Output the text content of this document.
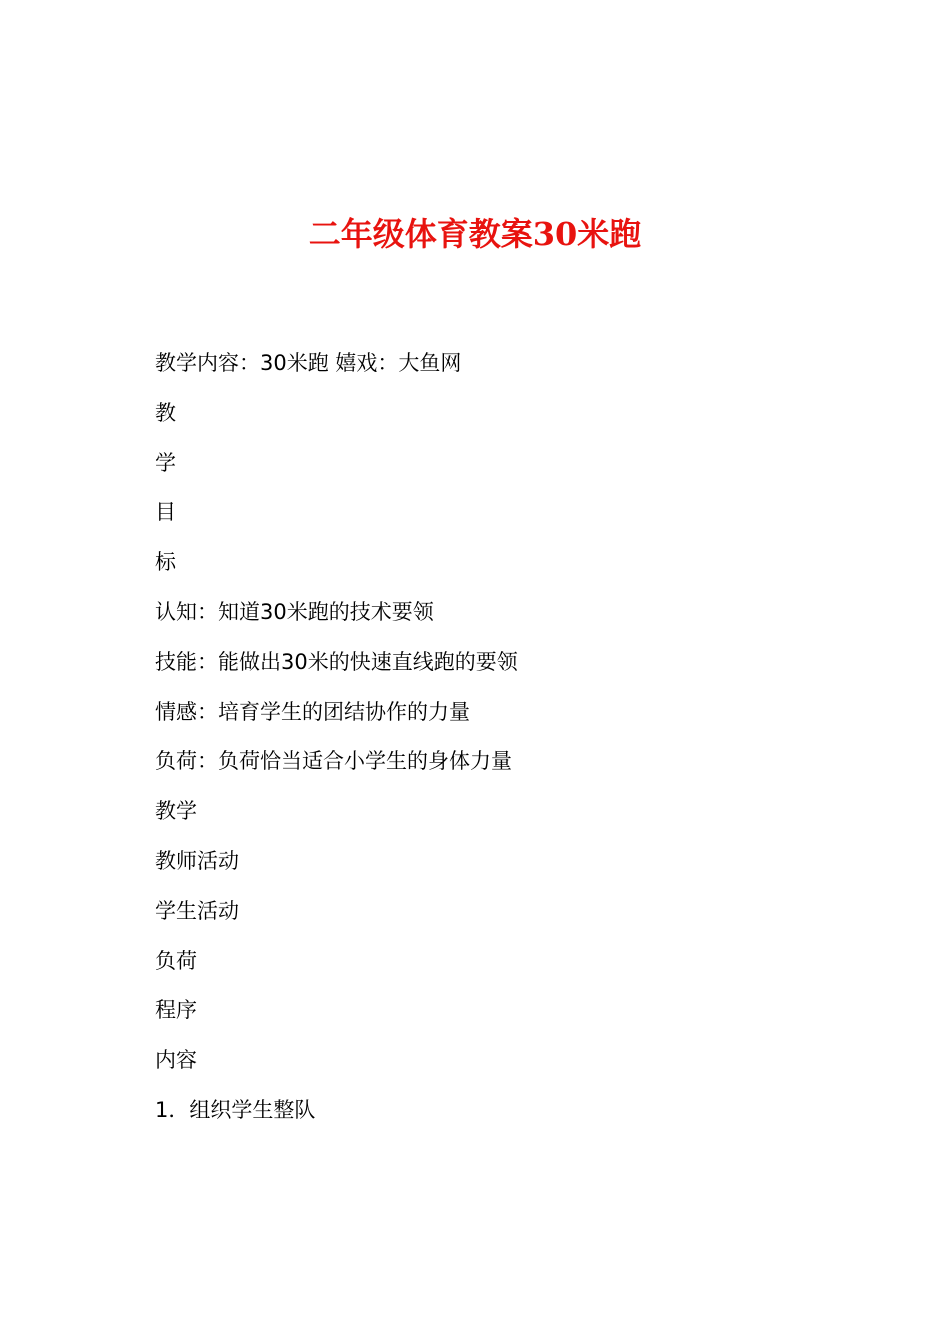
二年级体育教案30米跑
教学内容：30米跑 嬉戏：大鱼网
教
学
目
标
认知：知道30米跑的技术要领
技能：能做出30米的快速直线跑的要领
情感：培育学生的团结协作的力量
负荷：负荷恰当适合小学生的身体力量
教学
教师活动
学生活动
负荷
程序
内容
1．组织学生整队
